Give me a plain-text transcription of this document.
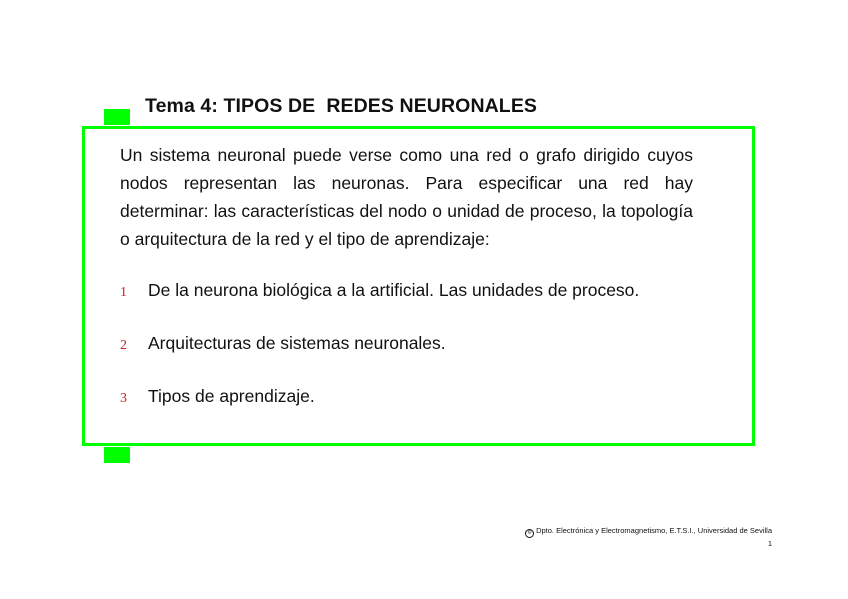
Tema 4: TIPOS DE  REDES NEURONALES

Un sistema neuronal puede verse como una red o grafo dirigido cuyos nodos representan las neuronas. Para especificar una red hay determinar: las características del nodo o unidad de proceso, la topología o arquitectura de la red y el tipo de aprendizaje:

1 De la neurona biológica a la artificial. Las unidades de proceso.
2 Arquitecturas de sistemas neuronales.
3 Tipos de aprendizaje.
© Dpto. Electrónica y Electromagnetismo, E.T.S.I., Universidad de Sevilla
1
